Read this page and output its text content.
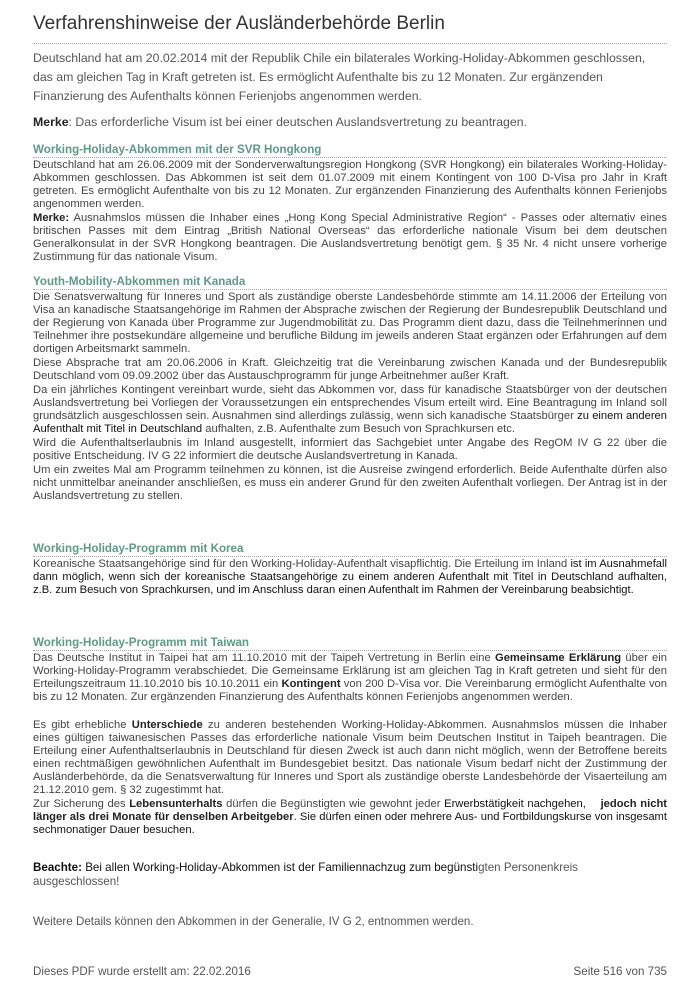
Verfahrenshinweise der Ausländerbehörde Berlin

Deutschland hat am 20.02.2014 mit der Republik Chile ein bilaterales Working-Holiday-Abkommen geschlossen, das am gleichen Tag in Kraft getreten ist. Es ermöglicht Aufenthalte bis zu 12 Monaten. Zur ergänzenden Finanzierung des Aufenthalts können Ferienjobs angenommen werden.

Merke: Das erforderliche Visum ist bei einer deutschen Auslandsvertretung zu beantragen.

Working-Holiday-Abkommen mit der SVR Hongkong

Deutschland hat am 26.06.2009 mit der Sonderverwaltungsregion Hongkong (SVR Hongkong) ein bilaterales Working-Holiday-Abkommen geschlossen. Das Abkommen ist seit dem 01.07.2009 mit einem Kontingent von 100 D-Visa pro Jahr in Kraft getreten. Es ermöglicht Aufenthalte von bis zu 12 Monaten. Zur ergänzenden Finanzierung des Aufenthalts können Ferienjobs angenommen werden.

Merke: Ausnahmslos müssen die Inhaber eines „Hong Kong Special Administrative Region“ - Passes oder alternativ eines britischen Passes mit dem Eintrag „British National Overseas“ das erforderliche nationale Visum bei dem deutschen Generalkonsulat in der SVR Hongkong beantragen. Die Auslandsvertretung benötigt gem. § 35 Nr. 4 nicht unsere vorherige Zustimmung für das nationale Visum.

Youth-Mobility-Abkommen mit Kanada

Die Senatsverwaltung für Inneres und Sport als zuständige oberste Landesbehörde stimmte am 14.11.2006 der Erteilung von Visa an kanadische Staatsangehörige im Rahmen der Absprache zwischen der Regierung der Bundesrepublik Deutschland und der Regierung von Kanada über Programme zur Jugendmobilität zu. Das Programm dient dazu, dass die Teilnehmerinnen und Teilnehmer ihre postsekundäre allgemeine und berufliche Bildung im jeweils anderen Staat ergänzen oder Erfahrungen auf dem dortigen Arbeitsmarkt sammeln.

Diese Absprache trat am 20.06.2006 in Kraft. Gleichzeitig trat die Vereinbarung zwischen Kanada und der Bundesrepublik Deutschland vom 09.09.2002 über das Austauschprogramm für junge Arbeitnehmer außer Kraft.

Da ein jährliches Kontingent vereinbart wurde, sieht das Abkommen vor, dass für kanadische Staatsbürger von der deutschen Auslandsvertretung bei Vorliegen der Voraussetzungen ein entsprechendes Visum erteilt wird. Eine Beantragung im Inland soll grundsätzlich ausgeschlossen sein. Ausnahmen sind allerdings zulässig, wenn sich kanadische Staatsbürger zu einem anderen Aufenthalt mit Titel in Deutschland aufhalten, z.B. Aufenthalte zum Besuch von Sprachkursen etc.

Wird die Aufenthaltserlaubnis im Inland ausgestellt, informiert das Sachgebiet unter Angabe des RegOM IV G 22 über die positive Entscheidung. IV G 22 informiert die deutsche Auslandsvertretung in Kanada.

Um ein zweites Mal am Programm teilnehmen zu können, ist die Ausreise zwingend erforderlich. Beide Aufenthalte dürfen also nicht unmittelbar aneinander anschließen, es muss ein anderer Grund für den zweiten Aufenthalt vorliegen. Der Antrag ist in der Auslandsvertretung zu stellen.

Working-Holiday-Programm mit Korea

Koreanische Staatsangehörige sind für den Working-Holiday-Aufenthalt visapflichtig. Die Erteilung im Inland ist im Ausnahmefall dann möglich, wenn sich der koreanische Staatsangehörige zu einem anderen Aufenthalt mit Titel in Deutschland aufhalten, z.B. zum Besuch von Sprachkursen, und im Anschluss daran einen Aufenthalt im Rahmen der Vereinbarung beabsichtigt.

Working-Holiday-Programm mit Taiwan

Das Deutsche Institut in Taipei hat am 11.10.2010 mit der Taipeh Vertretung in Berlin eine Gemeinsame Erklärung über ein Working-Holiday-Programm verabschiedet. Die Gemeinsame Erklärung ist am gleichen Tag in Kraft getreten und sieht für den Erteilungszeitraum 11.10.2010 bis 10.10.2011 ein Kontingent von 200 D-Visa vor. Die Vereinbarung ermöglicht Aufenthalte von bis zu 12 Monaten. Zur ergänzenden Finanzierung des Aufenthalts können Ferienjobs angenommen werden.

Es gibt erhebliche Unterschiede zu anderen bestehenden Working-Holiday-Abkommen. Ausnahmslos müssen die Inhaber eines gültigen taiwanesischen Passes das erforderliche nationale Visum beim Deutschen Institut in Taipeh beantragen. Die Erteilung einer Aufenthaltserlaubnis in Deutschland für diesen Zweck ist auch dann nicht möglich, wenn der Betroffene bereits einen rechtmäßigen gewöhnlichen Aufenthalt im Bundesgebiet besitzt. Das nationale Visum bedarf nicht der Zustimmung der Ausländerbehörde, da die Senatsverwaltung für Inneres und Sport als zuständige oberste Landesbehörde der Visaerteilung am 21.12.2010 gem. § 32 zugestimmt hat.

Zur Sicherung des Lebensunterhalts dürfen die Begünstigten wie gewohnt jeder Erwerbstätigkeit nachgehen, jedoch nicht länger als drei Monate für denselben Arbeitgeber. Sie dürfen einen oder mehrere Aus- und Fortbildungskurse von insgesamt sechmonatiger Dauer besuchen.

Beachte: Bei allen Working-Holiday-Abkommen ist der Familiennachzug zum begünstigten Personenkreis ausgeschlossen!

Weitere Details können den Abkommen in der Generalie, IV G 2, entnommen werden.

Dieses PDF wurde erstellt am: 22.02.2016	Seite 516 von 735
